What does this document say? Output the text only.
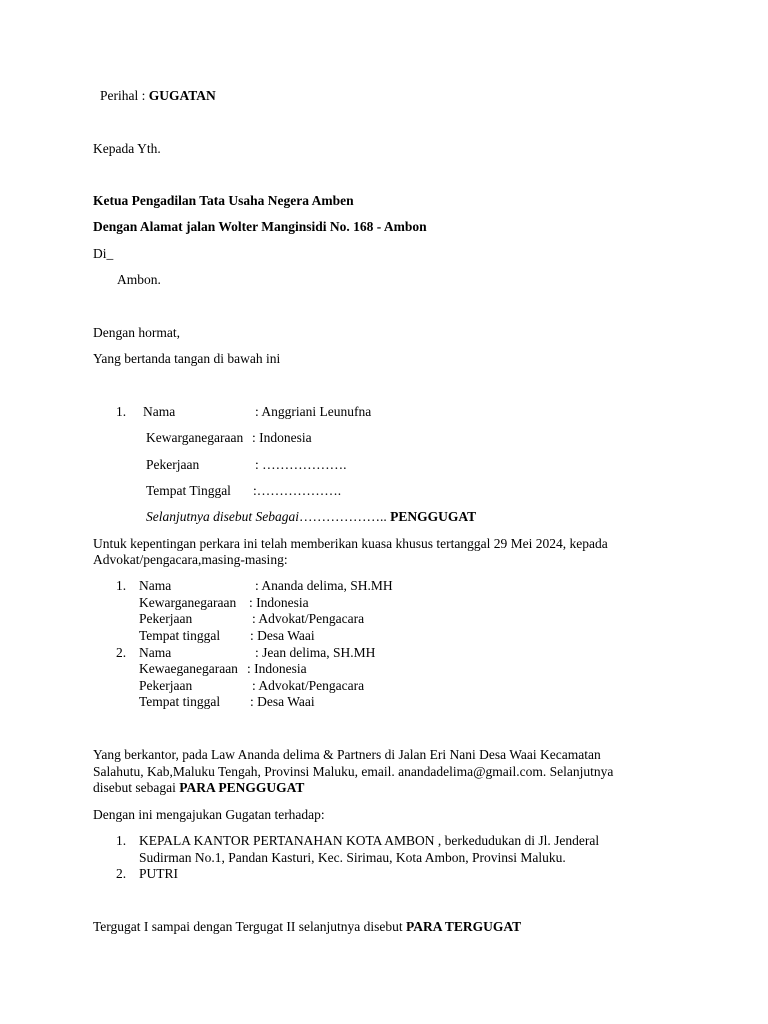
Perihal : GUGATAN
Kepada Yth.
Ketua Pengadilan Tata Usaha Negera Amben
Dengan Alamat jalan Wolter Manginsidi No. 168 - Ambon
Di_
Ambon.
Dengan hormat,
Yang bertanda tangan di bawah ini
1. Nama	: Anggriani Leunufna
Kewarganegaraan : Indonesia
Pekerjaan	: ……………….
Tempat Tinggal :……………….
Selanjutnya disebut Sebagai……………….. PENGGUGAT
Untuk kepentingan perkara ini telah memberikan kuasa khusus tertanggal 29 Mei 2024, kepada
Advokat/pengacara,masing-masing:
1. Nama	: Ananda delima, SH.MH
Kewarganegaraan : Indonesia
Pekerjaan	: Advokat/Pengacara
Tempat tinggal : Desa Waai
2. Nama	: Jean delima, SH.MH
Kewaeganegaraan : Indonesia
Pekerjaan	: Advokat/Pengacara
Tempat tinggal : Desa Waai
Yang berkantor, pada Law Ananda delima & Partners di Jalan Eri Nani Desa Waai Kecamatan
Salahutu, Kab,Maluku Tengah, Provinsi Maluku, email. anandadelima@gmail.com. Selanjutnya
disebut sebagai PARA PENGGUGAT
Dengan ini mengajukan Gugatan terhadap:
1. KEPALA KANTOR PERTANAHAN KOTA AMBON , berkedudukan di Jl. Jenderal
Sudirman No.1, Pandan Kasturi, Kec. Sirimau, Kota Ambon, Provinsi Maluku.
2. PUTRI
Tergugat I sampai dengan Tergugat II selanjutnya disebut PARA TERGUGAT
